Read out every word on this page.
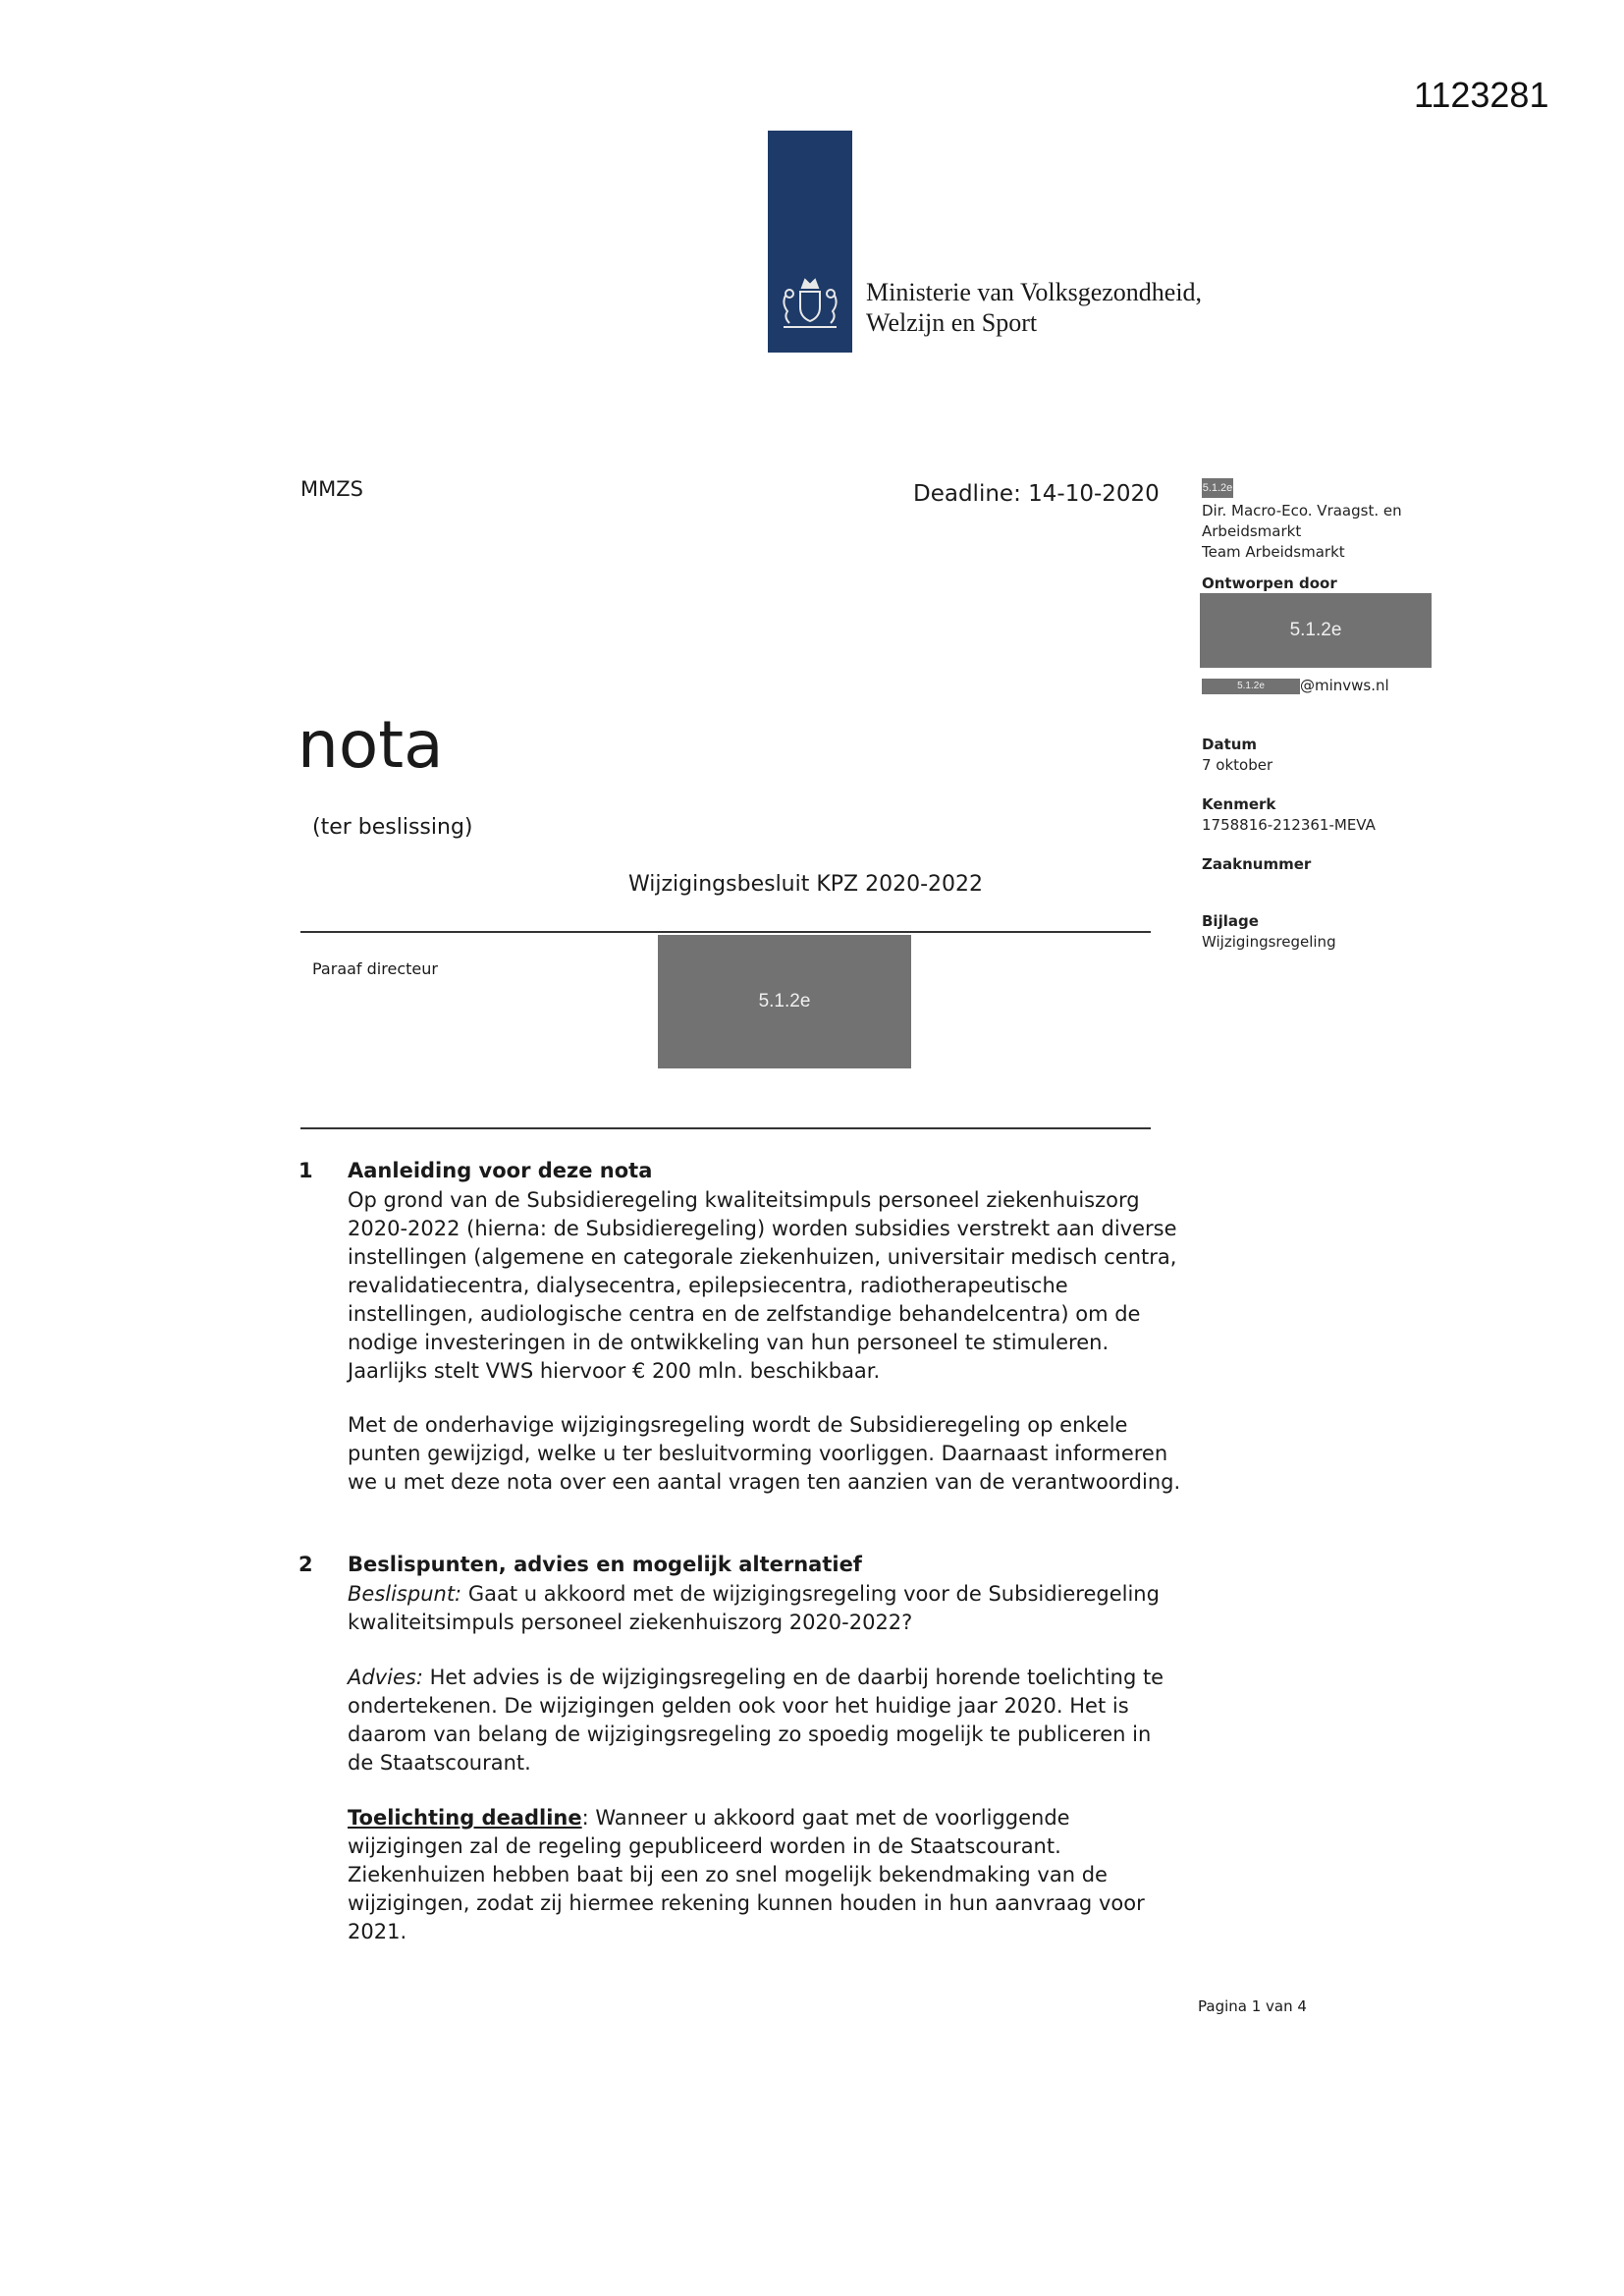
1123281
Ministerie van Volksgezondheid,
Welzijn en Sport
MMZS	Deadline: 14-10-2020	5.1.2e
Dir. Macro-Eco. Vraagst. en
Arbeidsmarkt
Team Arbeidsmarkt
Ontworpen door
5.1.2e
5.1.2e	@minvws.nl
Datum
7 oktober
Kenmerk
1758816-212361-MEVA
Zaaknummer
Bijlage
Wijzigingsregeling
nota
(ter beslissing)
Wijzigingsbesluit KPZ 2020-2022
Paraaf directeur
5.1.2e
1 Aanleiding voor deze nota

Op grond van de Subsidieregeling kwaliteitsimpuls personeel ziekenhuiszorg 2020-2022 (hierna: de Subsidieregeling) worden subsidies verstrekt aan diverse instellingen (algemene en categorale ziekenhuizen, universitair medisch centra, revalidatiecentra, dialysecentra, epilepsiecentra, radiotherapeutische instellingen, audiologische centra en de zelfstandige behandelcentra) om de nodige investeringen in de ontwikkeling van hun personeel te stimuleren. Jaarlijks stelt VWS hiervoor € 200 mln. beschikbaar.

Met de onderhavige wijzigingsregeling wordt de Subsidieregeling op enkele punten gewijzigd, welke u ter besluitvorming voorliggen. Daarnaast informeren we u met deze nota over een aantal vragen ten aanzien van de verantwoording.

2 Beslispunten, advies en mogelijk alternatief

Beslispunt: Gaat u akkoord met de wijzigingsregeling voor de Subsidieregeling kwaliteitsimpuls personeel ziekenhuiszorg 2020-2022?

Advies: Het advies is de wijzigingsregeling en de daarbij horende toelichting te ondertekenen. De wijzigingen gelden ook voor het huidige jaar 2020. Het is daarom van belang de wijzigingsregeling zo spoedig mogelijk te publiceren in de Staatscourant.

Toelichting deadline: Wanneer u akkoord gaat met de voorliggende wijzigingen zal de regeling gepubliceerd worden in de Staatscourant. Ziekenhuizen hebben baat bij een zo snel mogelijk bekendmaking van de wijzigingen, zodat zij hiermee rekening kunnen houden in hun aanvraag voor 2021.

Pagina 1 van 4
